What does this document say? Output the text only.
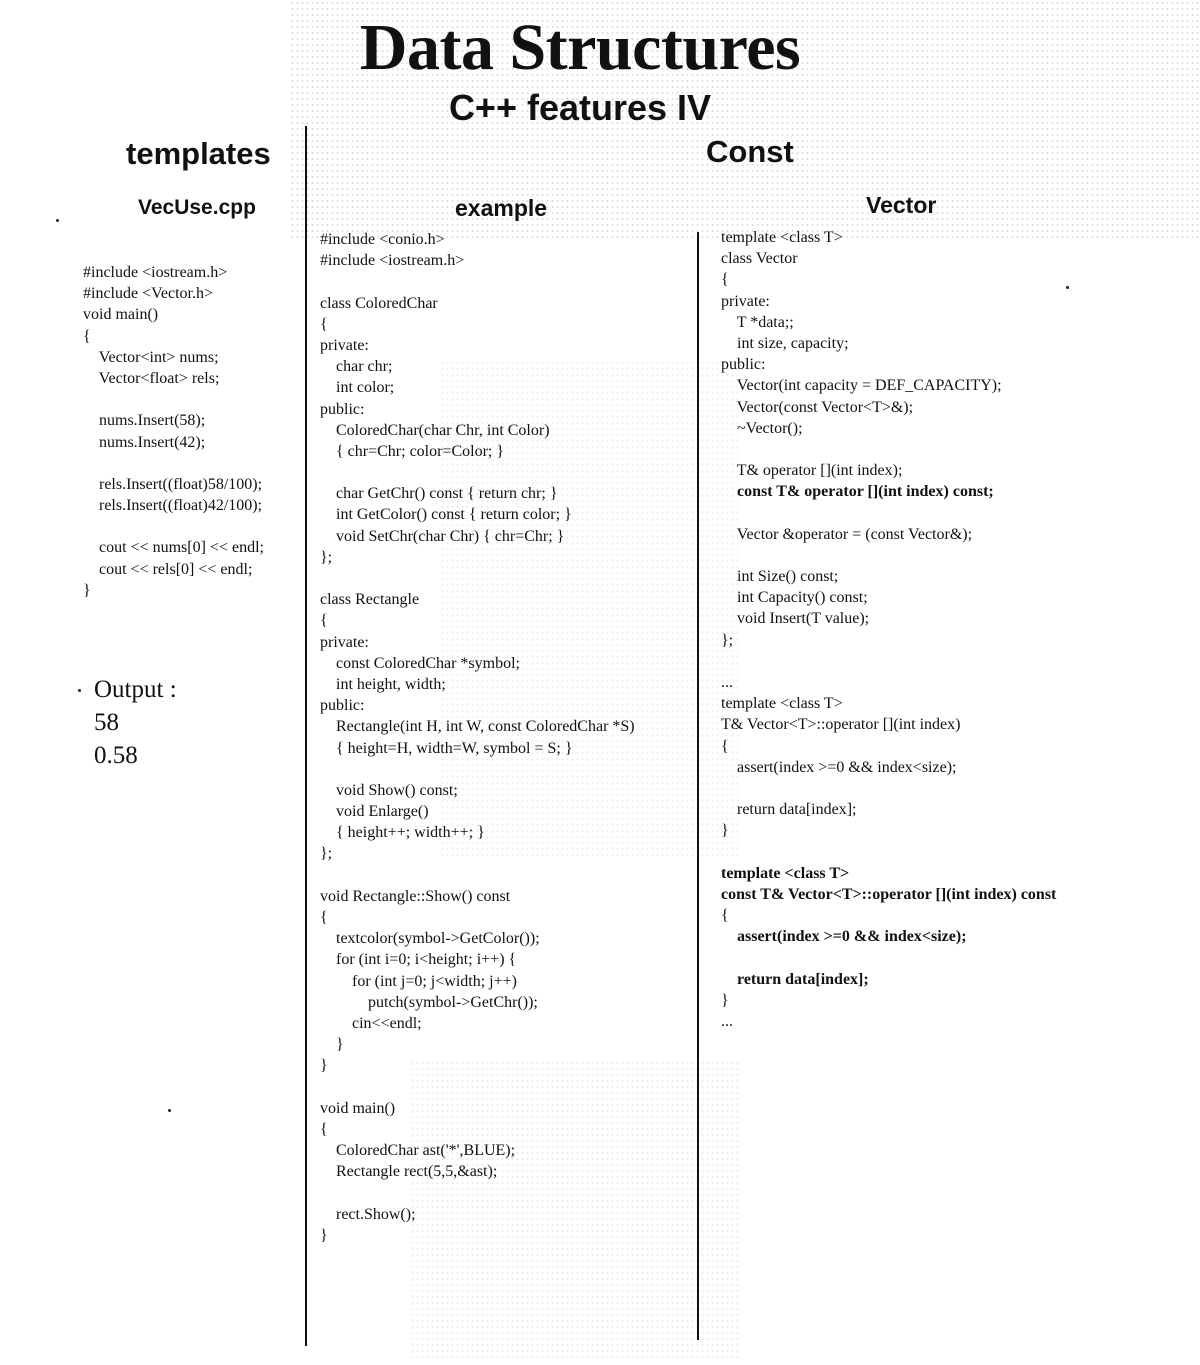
Data Structures
C++ features IV
templates
VecUse.cpp
#include <iostream.h>
#include <Vector.h>
void main()
{
Vector<int> nums;
Vector<float> rels;
nums.Insert(58);
nums.Insert(42);
rels.Insert((float)58/100);
rels.Insert((float)42/100);
cout << nums[0] << endl;
cout << rels[0] << endl;
}
Output :
58
0.58
Const
example
#include <conio.h>
#include <iostream.h>
class ColoredChar
{
private:
char chr;
int color;
public:
ColoredChar(char Chr, int Color)
{ chr=Chr; color=Color; }
char GetChr() const { return chr; }
int GetColor() const { return color; }
void SetChr(char Chr) { chr=Chr; }
};
class Rectangle
{
private:
const ColoredChar *symbol;
int height, width;
public:
Rectangle(int H, int W, const ColoredChar *S)
{ height=H, width=W, symbol = S; }
void Show() const;
void Enlarge()
{ height++; width++; }
};
void Rectangle::Show() const
{
textcolor(symbol->GetColor());
for (int i=0; i<height; i++) {
for (int j=0; j<width; j++)
putch(symbol->GetChr());
cin<<endl;
}
}
void main()
{
ColoredChar ast('*',BLUE);
Rectangle rect(5,5,&ast);
rect.Show();
}
Vector
template <class T>
class Vector
{
private:
T *data;;
int size, capacity;
public:
Vector(int capacity = DEF_CAPACITY);
Vector(const Vector<T>&);
~Vector();
T& operator [](int index);
const T& operator [](int index) const;
Vector &operator = (const Vector&);
int Size() const;
int Capacity() const;
void Insert(T value);
};
...
template <class T>
T& Vector<T>::operator [](int index)
{
assert(index >=0 && index<size);
return data[index];
}
template <class T>
const T& Vector<T>::operator [](int index) const
{
assert(index >=0 && index<size);
return data[index];
}
...
